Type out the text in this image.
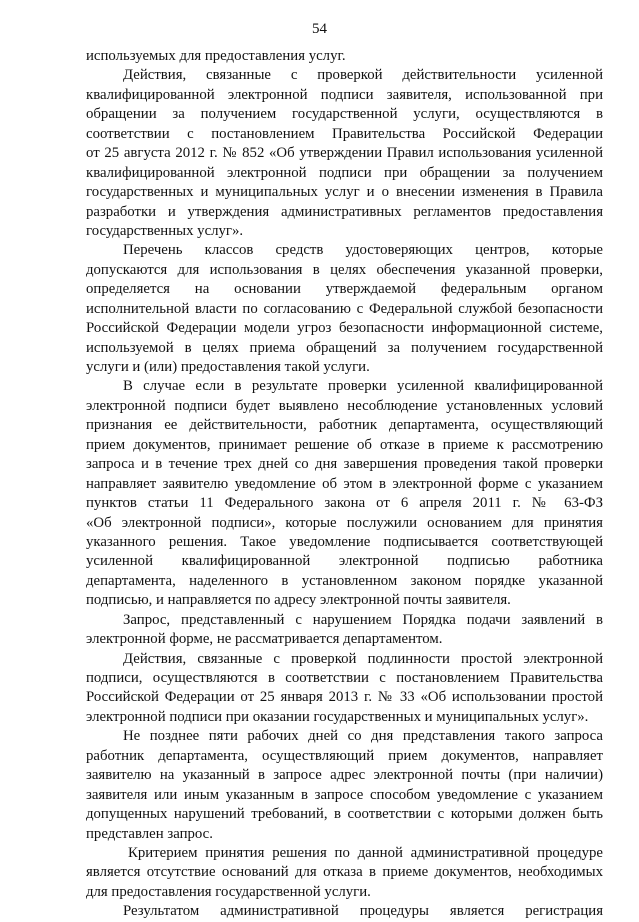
54
используемых для предоставления услуг.
Действия, связанные с проверкой действительности усиленной
квалифицированной электронной подписи заявителя, использованной при
обращении за получением государственной услуги, осуществляются в
соответствии с постановлением Правительства Российской Федерации
от 25 августа 2012 г. № 852 «Об утверждении Правил использования усиленной
квалифицированной электронной подписи при обращении за получением
государственных и муниципальных услуг и о внесении изменения в Правила
разработки и утверждения административных регламентов предоставления
государственных услуг».
Перечень классов средств удостоверяющих центров, которые
допускаются для использования в целях обеспечения указанной проверки,
определяется на основании утверждаемой федеральным органом
исполнительной власти по согласованию с Федеральной службой безопасности
Российской Федерации модели угроз безопасности информационной системе,
используемой в целях приема обращений за получением государственной
услуги и (или) предоставления такой услуги.
В случае если в результате проверки усиленной квалифицированной
электронной подписи будет выявлено несоблюдение установленных условий
признания ее действительности, работник департамента, осуществляющий
прием документов, принимает решение об отказе в приеме к рассмотрению
запроса и в течение трех дней со дня завершения проведения такой проверки
направляет заявителю уведомление об этом в электронной форме с указанием
пунктов статьи 11 Федерального закона от 6 апреля 2011 г. № 63-ФЗ
«Об электронной подписи», которые послужили основанием для принятия
указанного решения. Такое уведомление подписывается соответствующей
усиленной квалифицированной электронной подписью работника
департамента, наделенного в установленном законом порядке указанной
подписью, и направляется по адресу электронной почты заявителя.
Запрос, представленный с нарушением Порядка подачи заявлений в
электронной форме, не рассматривается департаментом.
Действия, связанные с проверкой подлинности простой электронной
подписи, осуществляются в соответствии с постановлением Правительства
Российской Федерации от 25 января 2013 г. № 33 «Об использовании простой
электронной подписи при оказании государственных и муниципальных услуг».
Не позднее пяти рабочих дней со дня представления такого запроса
работник департамента, осуществляющий прием документов, направляет
заявителю на указанный в запросе адрес электронной почты (при наличии)
заявителя или иным указанным в запросе способом уведомление с указанием
допущенных нарушений требований, в соответствии с которыми должен быть
представлен запрос.
Критерием принятия решения по данной административной процедуре
является отсутствие оснований для отказа в приеме документов, необходимых
для предоставления государственной услуги.
Результатом административной процедуры является регистрация
